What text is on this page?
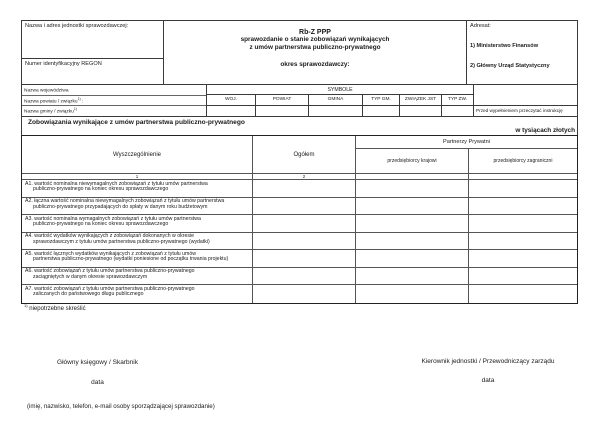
Nazwa i adres jednostki sprawozdawczej:
Numer identyfikacyjny REGON
Rb-Z PPP
sprawozdanie o stanie zobowiązań wynikających
z umów partnerstwa publiczno-prywatnego
okres sprawozdawczy:
Adresat:
1) Ministerstwo Finansów
2) Główny Urząd Statystyczny
Nazwa województwa
Nazwa powiatu / związku$^{1)}$ :
Nazwa gminy / związku$^{1)}$
SYMBOLE
WOJ.	POWIAT	GMINA	TYP GM.	ZWIĄZEK JST	TYP ZW.
Przed wypełnieniem przeczytać instrukcję
Zobowiązania wynikające z umów partnerstwa publiczno-prywatnego
w tysiącach złotych
Wyszczególnienie	Ogółem
Partnerzy Prywatni
przedsiębiorcy krajowi	przedsiębiorcy zagraniczni
1	2
A1. wartość nominalna niewymagalnych zobowiązań z tytułu umów partnerstwa
publiczno-prywatnego na koniec okresu sprawozdawczego
A2. łączna wartość nominalna niewymagalnych zobowiązań z tytułu umów partnerstwa
publiczno-prywatnego przypadających do spłaty w danym roku budżetowym
A3. wartość nominalna wymagalnych zobowiązań z tytułu umów partnerstwa
publiczno-prywatnego na koniec okresu sprawozdawczego
A4. wartość wydatków wynikających z zobowiązań dokonanych w okresie
sprawozdawczym z tytułu umów partnerstwa publiczno-prywatnego (wydatki)
A5. wartość łącznych wydatków wynikających z zobowiązań z tytułu umów
partnerstwa publiczno-prywatnego (wydatki poniesione od początku trwania projektu)
A6. wartość zobowiązań z tytułu umów partnerstwa publiczno-prywatnego
zaciągniętych w danym okresie sprawozdawczym
A7. wartość zobowiązań z tytułu umów partnerstwa publiczno-prywatnego
zaliczanych do państwowego długu publicznego
$^{1)}$ niepotrzebne skreślić
Główny księgowy / Skarbnik	Kierownik jednostki / Przewodniczący zarządu
data	data
(imię, nazwisko, telefon, e-mail osoby sporządzającej sprawozdanie)
